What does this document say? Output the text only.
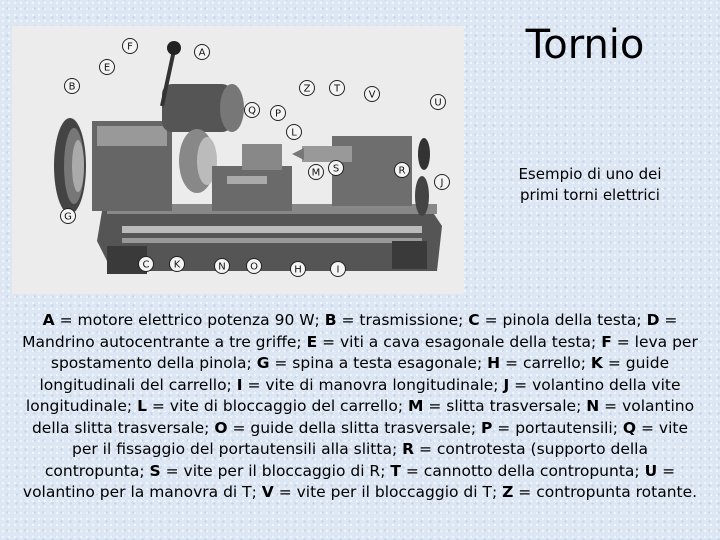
F
A
E
B	Z T
V
U
P
Q
L
R
J
M S
G
C K	N O	H	I
Tornio
Esempio di uno dei
primi torni elettrici
A = motore elettrico potenza 90 W; B = trasmissione; C = pinola della testa; D = Mandrino autocentrante a tre griffe; E = viti a cava esagonale della testa; F = leva per spostamento della pinola; G = spina a testa esagonale; H = carrello; K = guide longitudinali del carrello; I = vite di manovra longitudinale; J = volantino della vite longitudinale; L = vite di bloccaggio del carrello; M = slitta trasversale; N = volantino della slitta trasversale; O = guide della slitta trasversale; P = portautensili; Q = vite per il fissaggio del portautensili alla slitta; R = controtesta (supporto della contropunta; S = vite per il bloccaggio di R; T = cannotto della contropunta; U = volantino per la manovra di T; V = vite per il bloccaggio di T; Z = contropunta rotante.
